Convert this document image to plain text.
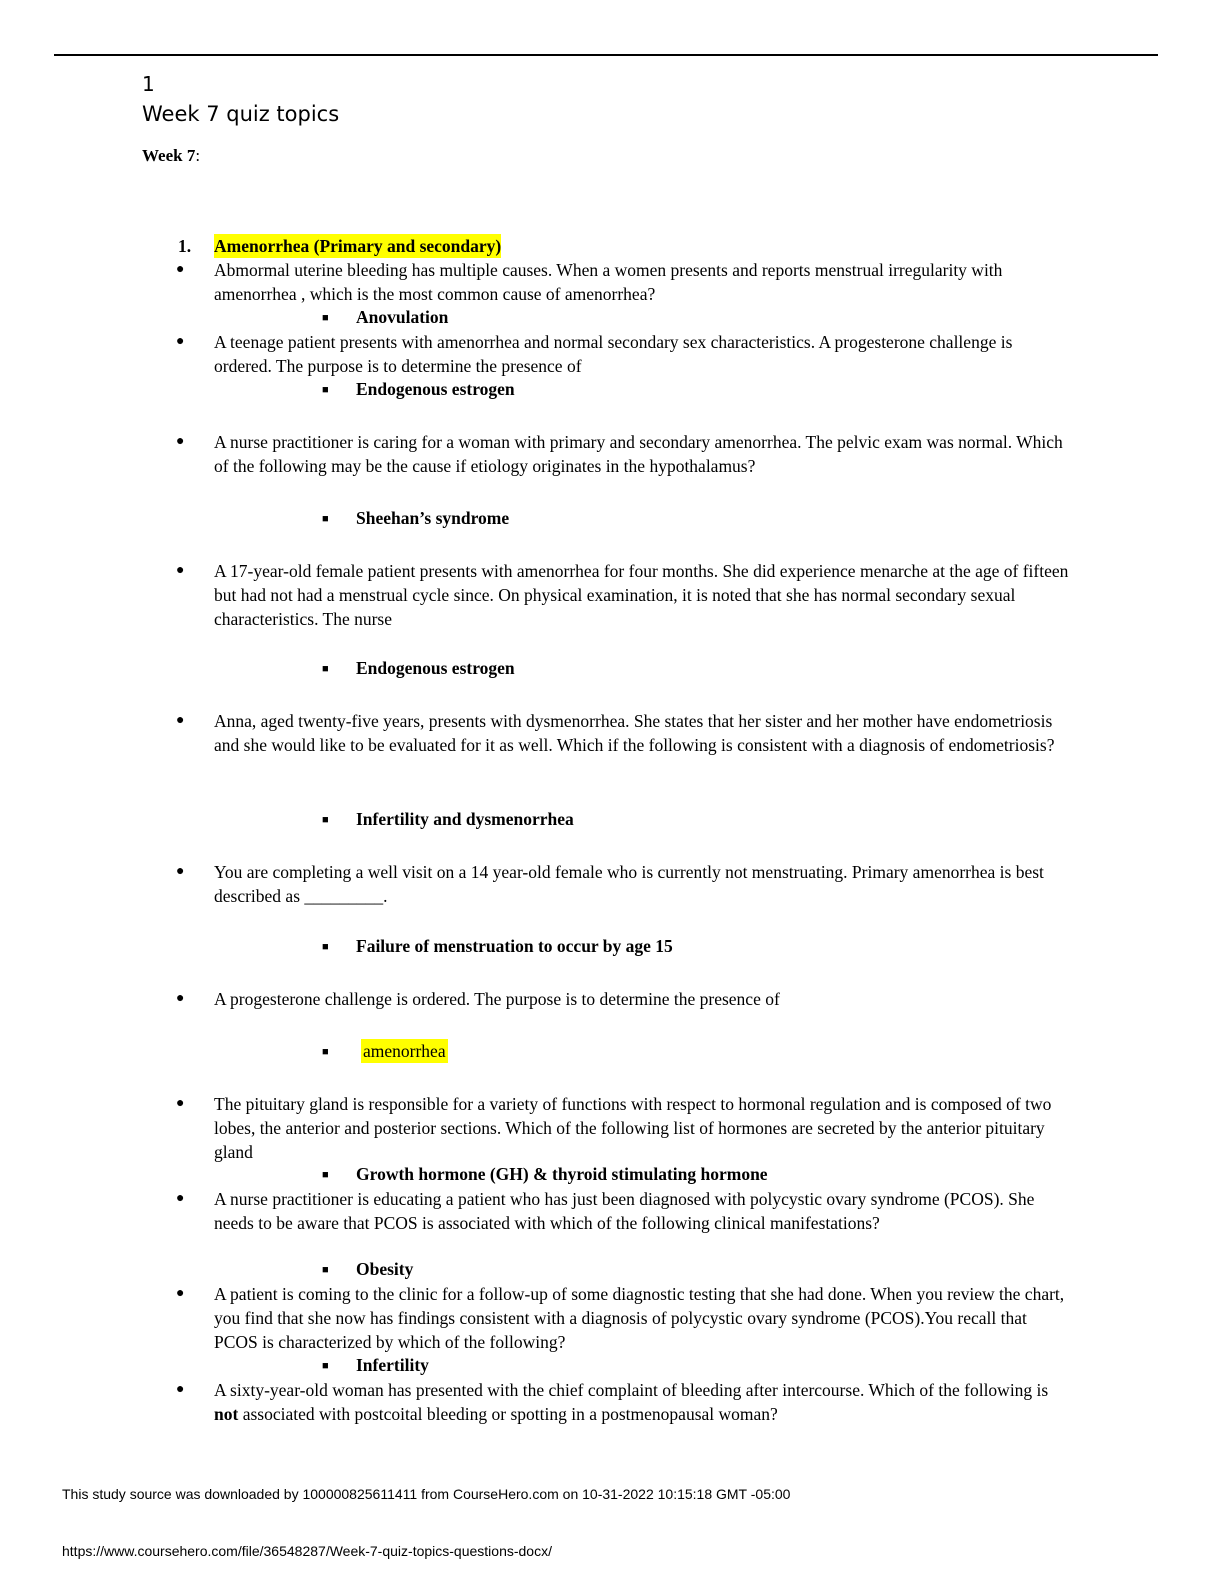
1
Week 7 quiz topics
Week 7:
1. Amenorrhea (Primary and secondary)
● Abmormal uterine bleeding has multiple causes. When a women presents and reports menstrual irregularity with amenorrhea , which is the most common cause of amenorrhea?
■ Anovulation
● A teenage patient presents with amenorrhea and normal secondary sex characteristics. A progesterone challenge is ordered. The purpose is to determine the presence of
■ Endogenous estrogen
● A nurse practitioner is caring for a woman with primary and secondary amenorrhea. The pelvic exam was normal. Which of the following may be the cause if etiology originates in the hypothalamus?
■ Sheehan’s syndrome
● A 17-year-old female patient presents with amenorrhea for four months. She did experience menarche at the age of fifteen but had not had a menstrual cycle since. On physical examination, it is noted that she has normal secondary sexual characteristics. The nurse
■ Endogenous estrogen
● Anna, aged twenty-five years, presents with dysmenorrhea. She states that her sister and her mother have endometriosis and she would like to be evaluated for it as well. Which if the following is consistent with a diagnosis of endometriosis?
■ Infertility and dysmenorrhea
● You are completing a well visit on a 14 year-old female who is currently not menstruating. Primary amenorrhea is best described as _________.
■ Failure of menstruation to occur by age 15
● A progesterone challenge is ordered. The purpose is to determine the presence of
■ amenorrhea
● The pituitary gland is responsible for a variety of functions with respect to hormonal regulation and is composed of two lobes, the anterior and posterior sections. Which of the following list of hormones are secreted by the anterior pituitary gland
■ Growth hormone (GH) & thyroid stimulating hormone
● A nurse practitioner is educating a patient who has just been diagnosed with polycystic ovary syndrome (PCOS). She needs to be aware that PCOS is associated with which of the following clinical manifestations?
■ Obesity
● A patient is coming to the clinic for a follow-up of some diagnostic testing that she had done. When you review the chart, you find that she now has findings consistent with a diagnosis of polycystic ovary syndrome (PCOS).You recall that PCOS is characterized by which of the following?
■ Infertility
● A sixty-year-old woman has presented with the chief complaint of bleeding after intercourse. Which of the following is not associated with postcoital bleeding or spotting in a postmenopausal woman?
This study source was downloaded by 100000825611411 from CourseHero.com on 10-31-2022 10:15:18 GMT -05:00
https://www.coursehero.com/file/36548287/Week-7-quiz-topics-questions-docx/
